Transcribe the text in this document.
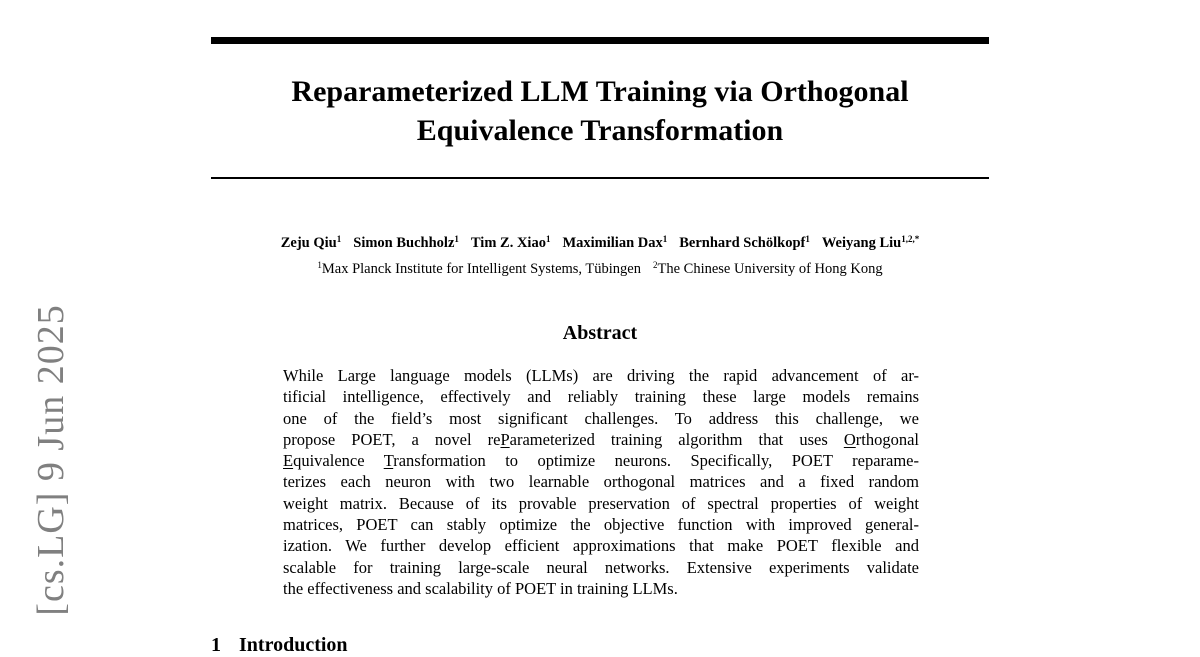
Reparameterized LLM Training via Orthogonal
Equivalence Transformation
Zeju Qiu$^1$ Simon Buchholz$^1$ Tim Z. Xiao$^1$ Maximilian Dax$^1$ Bernhard Schölkopf$^1$ Weiyang Liu$^{1,2,*}$
$^1$Max Planck Institute for Intelligent Systems, Tübingen $^2$The Chinese University of Hong Kong
Abstract
While Large language models (LLMs) are driving the rapid advancement of ar-
tificial intelligence, effectively and reliably training these large models remains
one of the field’s most significant challenges. To address this challenge, we
propose POET, a novel reParameterized training algorithm that uses Orthogonal
Equivalence Transformation to optimize neurons. Specifically, POET reparame-
terizes each neuron with two learnable orthogonal matrices and a fixed random
weight matrix. Because of its provable preservation of spectral properties of weight
matrices, POET can stably optimize the objective function with improved general-
ization. We further develop efficient approximations that make POET flexible and
scalable for training large-scale neural networks. Extensive experiments validate
the effectiveness and scalability of POET in training LLMs.
1 Introduction
[cs.LG] 9 Jun 2025
